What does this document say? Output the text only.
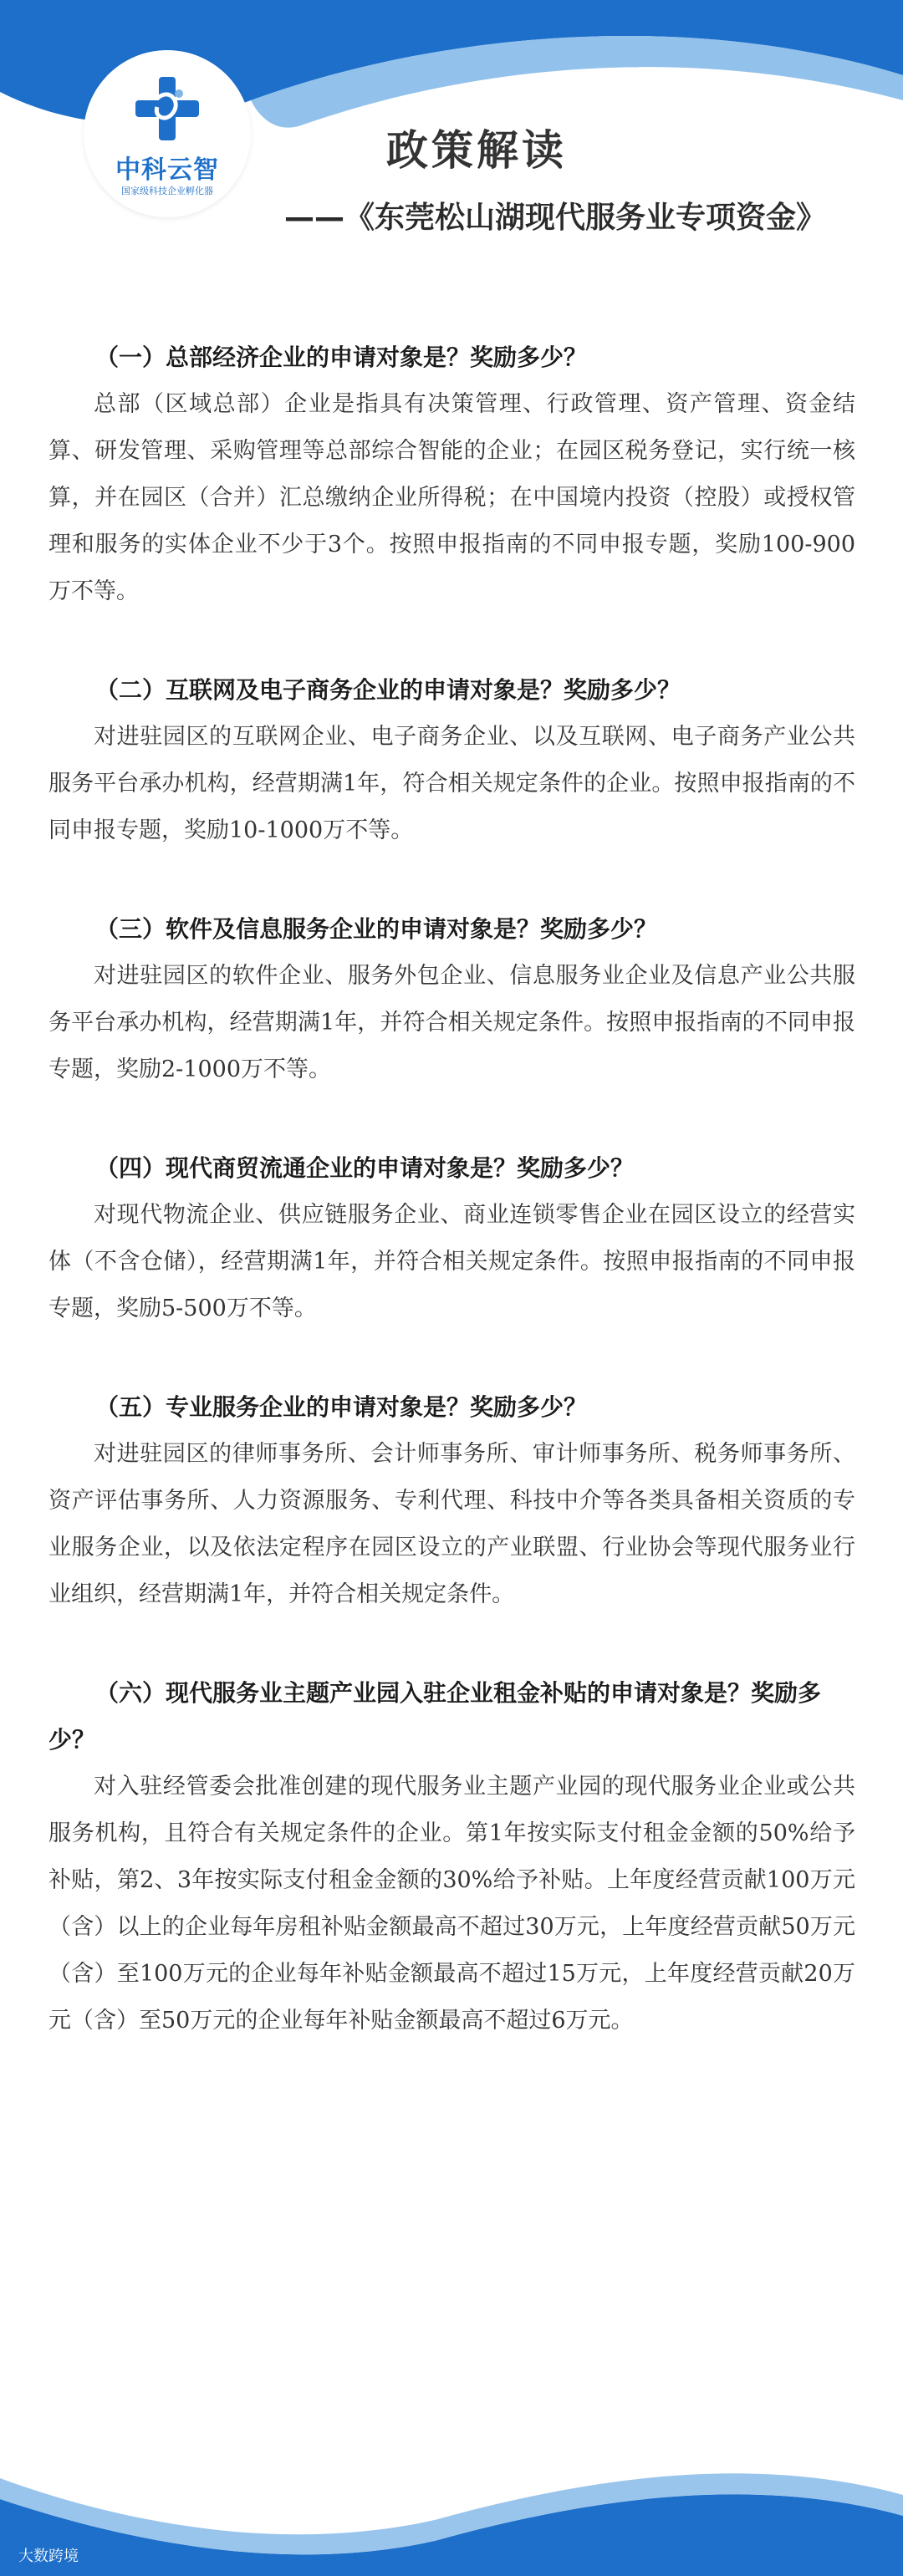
中科云智
国家级科技企业孵化器
政策解读
——《东莞松山湖现代服务业专项资金》

（一）总部经济企业的申请对象是？奖励多少？

总部（区域总部）企业是指具有决策管理、行政管理、资产管理、资金结算、研发管理、采购管理等总部综合智能的企业；在园区税务登记，实行统一核算，并在园区（合并）汇总缴纳企业所得税；在中国境内投资（控股）或授权管理和服务的实体企业不少于3个。按照申报指南的不同申报专题，奖励100-900万不等。

（二）互联网及电子商务企业的申请对象是？奖励多少？

对进驻园区的互联网企业、电子商务企业、以及互联网、电子商务产业公共服务平台承办机构，经营期满1年，符合相关规定条件的企业。按照申报指南的不同申报专题，奖励10-1000万不等。

（三）软件及信息服务企业的申请对象是？奖励多少？

对进驻园区的软件企业、服务外包企业、信息服务业企业及信息产业公共服务平台承办机构，经营期满1年，并符合相关规定条件。按照申报指南的不同申报专题，奖励2-1000万不等。

（四）现代商贸流通企业的申请对象是？奖励多少？

对现代物流企业、供应链服务企业、商业连锁零售企业在园区设立的经营实体（不含仓储），经营期满1年，并符合相关规定条件。按照申报指南的不同申报专题，奖励5-500万不等。

（五）专业服务企业的申请对象是？奖励多少？

对进驻园区的律师事务所、会计师事务所、审计师事务所、税务师事务所、资产评估事务所、人力资源服务、专利代理、科技中介等各类具备相关资质的专业服务企业，以及依法定程序在园区设立的产业联盟、行业协会等现代服务业行业组织，经营期满1年，并符合相关规定条件。

（六）现代服务业主题产业园入驻企业租金补贴的申请对象是？奖励多少？

对入驻经管委会批准创建的现代服务业主题产业园的现代服务业企业或公共服务机构，且符合有关规定条件的企业。第1年按实际支付租金金额的50%给予补贴，第2、3年按实际支付租金金额的30%给予补贴。上年度经营贡献100万元（含）以上的企业每年房租补贴金额最高不超过30万元，上年度经营贡献50万元（含）至100万元的企业每年补贴金额最高不超过15万元，上年度经营贡献20万元（含）至50万元的企业每年补贴金额最高不超过6万元。

大数跨境
